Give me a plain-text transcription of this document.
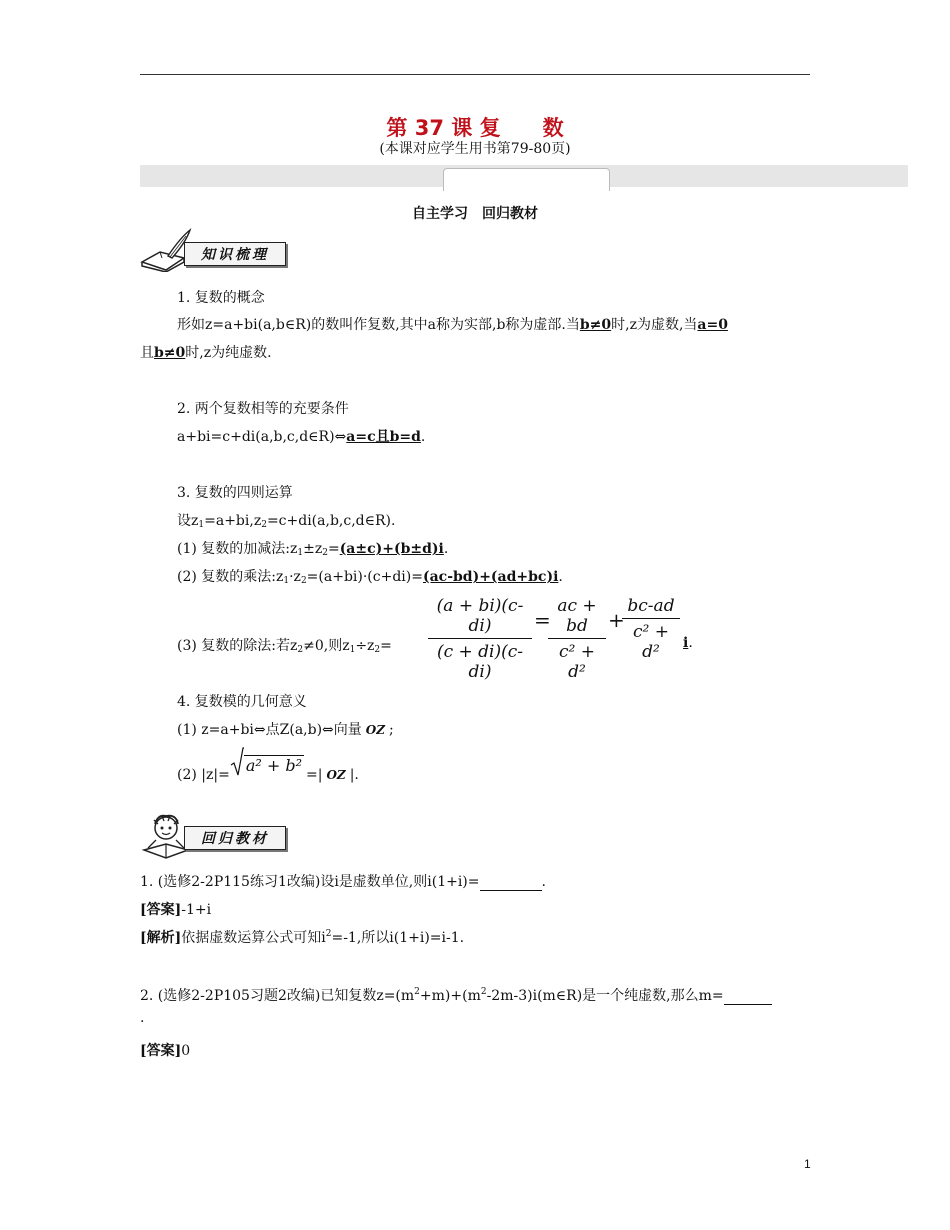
第 37 课 复　　数
(本课对应学生用书第79-80页)
自主学习　回归教材
知识梳理
1. 复数的概念
形如z=a+bi(a,b∈R)的数叫作复数,其中a称为实部,b称为虚部.当b≠0时,z为虚数,当a=0
且b≠0时,z为纯虚数.
2. 两个复数相等的充要条件
a+bi=c+di(a,b,c,d∈R)⇔a=c且b=d.
3. 复数的四则运算
设$z_1=a+bi,z_2=c+di(a,b,c,d\in R)$.
(1) 复数的加减法$:z_1\pm z_2=(a\pm c)+(b\pm d)i$.
(2) 复数的乘法$:z_1\cdot z_2=(a+bi)\cdot(c+di)=(ac-bd)+(ad+bc)i$.
(3) 复数的除法:若$z_2\ne 0$,则$z_1\div z_2= \frac{(a + bi)(c-di)}{(c + di)(c-di)}$ =
$\frac{ac + bd}{\text{c² + d²}}$ +
$\frac{bc-ad}{\text{c² + d²}} i$.
4. 复数模的几何意义
(1) z=a+bi⇔点Z(a,b)⇔向量 OZ ;
(2) |z|= a² + b² =| OZ |.
回归教材
1. (选修2-2P115练习1改编)设i是虚数单位,则i(1+i)=	.
[答案]-1+i
[解析]依据虚数运算公式可知$i^2=-1$,所以i(1+i)=i-1.
2. (选修2-2P105习题2改编)已知复数$z=(m^2+m)+(m^2-2m-3)i(m\in R)$是一个纯虚数,那么m=
.
[答案]0
1
